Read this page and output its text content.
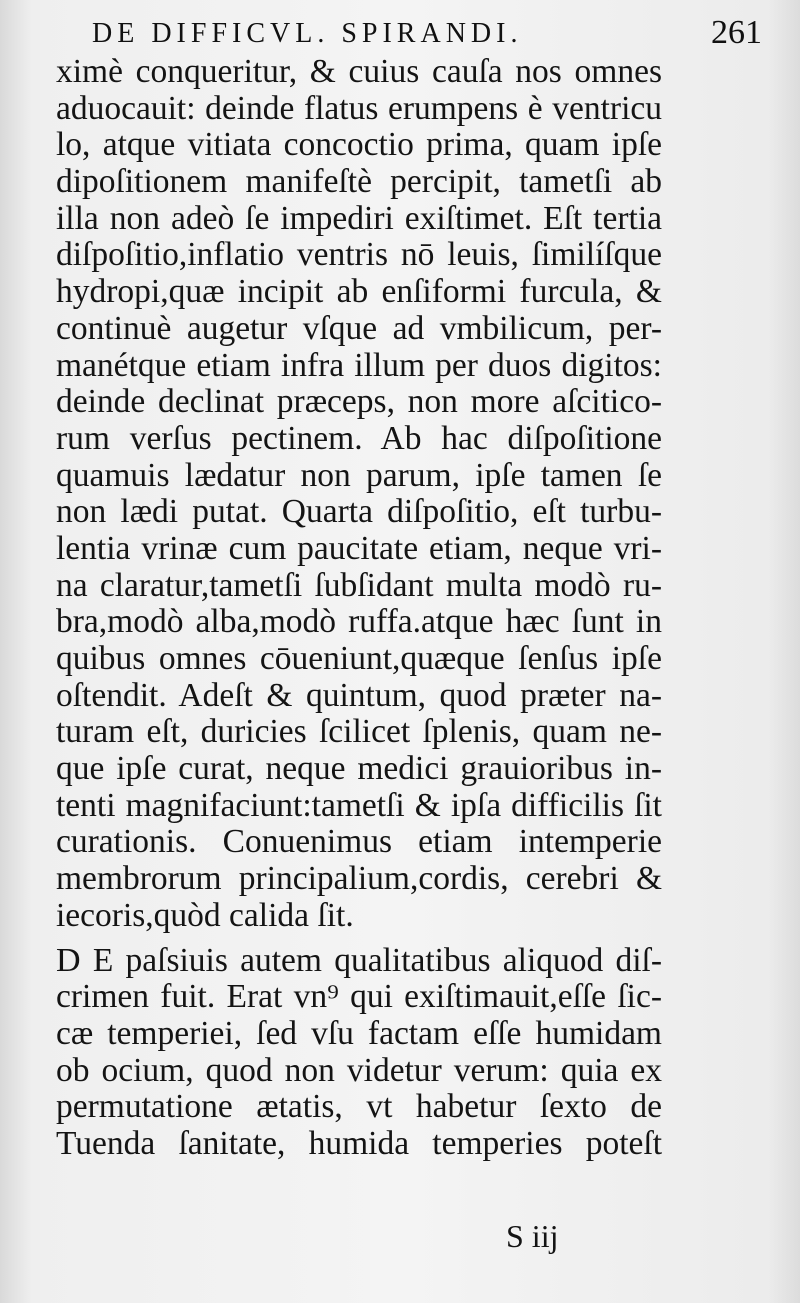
DE DIFFICVL. SPIRANDI.	261
ximè conqueritur, & cuius cauſa nos omnes
aduocauit: deinde flatus erumpens è ventricu
lo, atque vitiata concoctio prima, quam ipſe
dipoſitionem manifeſtè percipit, tametſi ab
illa non adeò ſe impediri exiſtimet. Eſt tertia
diſpoſitio,inflatio ventris nō leuis, ſimilíſque
hydropi,quæ incipit ab enſiformi furcula, &
continuè augetur vſque ad vmbilicum, per-
manétque etiam infra illum per duos digitos:
deinde declinat præceps, non more aſcitico-
rum verſus pectinem. Ab hac diſpoſitione
quamuis lædatur non parum, ipſe tamen ſe
non lædi putat. Quarta diſpoſitio, eſt turbu-
lentia vrinæ cum paucitate etiam, neque vri-
na claratur,tametſi ſubſidant multa modò ru-
bra,modò alba,modò ruffa.atque hæc ſunt in
quibus omnes cōueniunt,quæque ſenſus ipſe
oſtendit. Adeſt & quintum, quod præter na-
turam eſt, duricies ſcilicet ſplenis, quam ne-
que ipſe curat, neque medici grauioribus in-
tenti magnifaciunt:tametſi & ipſa difficilis ſit
curationis. Conuenimus etiam intemperie
membrorum principalium,cordis, cerebri &
iecoris,quòd calida ſit.
D E paſsiuis autem qualitatibus aliquod diſ-
crimen fuit. Erat vn⁹ qui exiſtimauit,eſſe ſic-
cæ temperiei, ſed vſu factam eſſe humidam
ob ocium, quod non videtur verum: quia ex
permutatione ætatis, vt habetur ſexto de
Tuenda ſanitate, humida temperies poteſt
S iij
